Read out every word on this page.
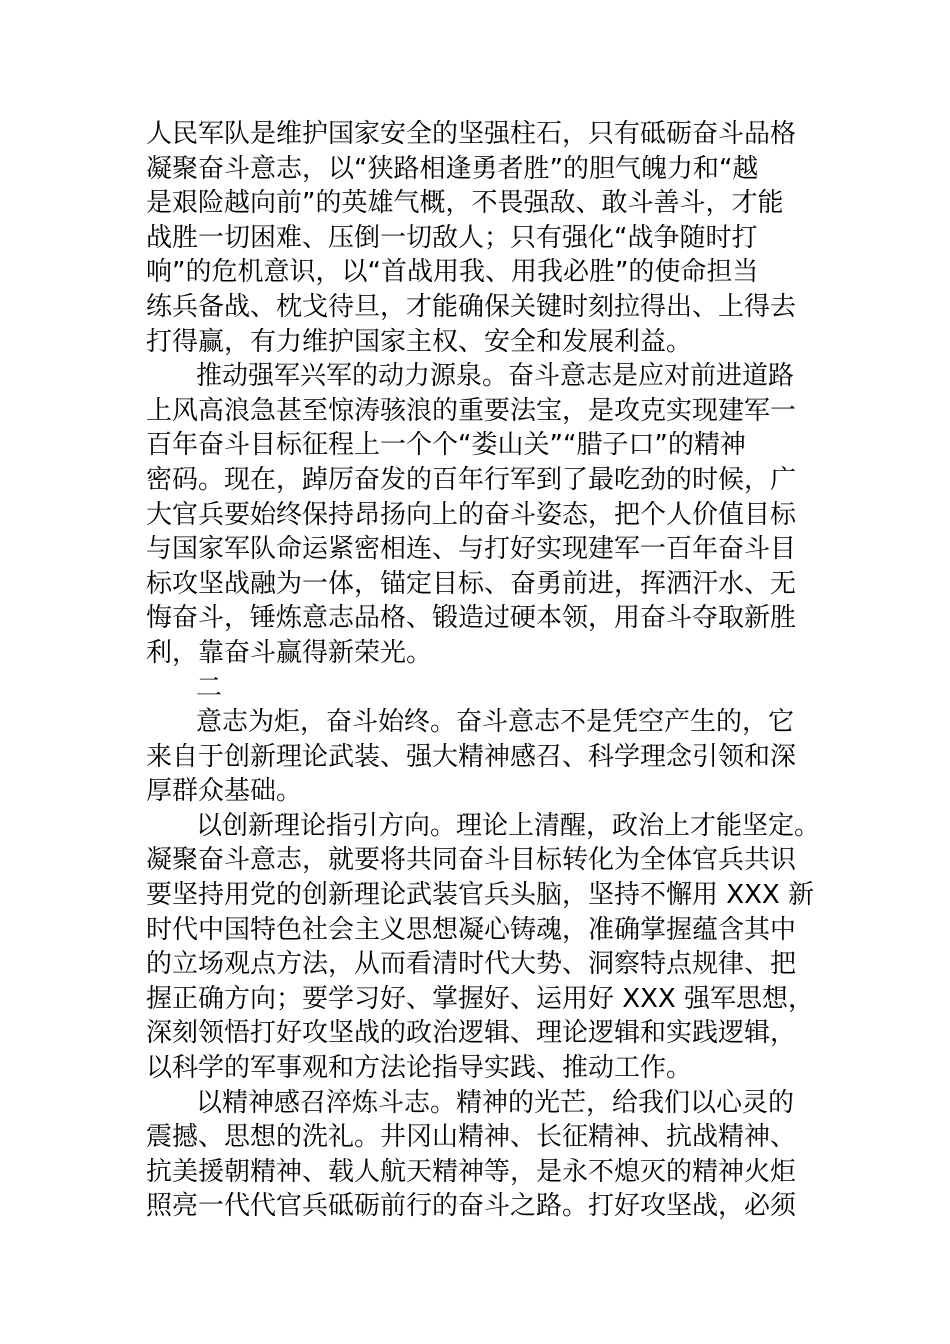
人民军队是维护国家安全的坚强柱石，只有砥砺奋斗品格
凝聚奋斗意志，以“狭路相逢勇者胜”的胆气魄力和“越
是艰险越向前”的英雄气概，不畏强敌、敢斗善斗，才能
战胜一切困难、压倒一切敌人；只有强化“战争随时打
响”的危机意识，以“首战用我、用我必胜”的使命担当
练兵备战、枕戈待旦，才能确保关键时刻拉得出、上得去
打得赢，有力维护国家主权、安全和发展利益。
推动强军兴军的动力源泉。奋斗意志是应对前进道路
上风高浪急甚至惊涛骇浪的重要法宝，是攻克实现建军一
百年奋斗目标征程上一个个“娄山关”“腊子口”的精神
密码。现在，踔厉奋发的百年行军到了最吃劲的时候，广
大官兵要始终保持昂扬向上的奋斗姿态，把个人价值目标
与国家军队命运紧密相连、与打好实现建军一百年奋斗目
标攻坚战融为一体，锚定目标、奋勇前进，挥洒汗水、无
悔奋斗，锤炼意志品格、锻造过硬本领，用奋斗夺取新胜
利，靠奋斗赢得新荣光。
二
意志为炬，奋斗始终。奋斗意志不是凭空产生的，它
来自于创新理论武装、强大精神感召、科学理念引领和深
厚群众基础。
以创新理论指引方向。理论上清醒，政治上才能坚定。
凝聚奋斗意志，就要将共同奋斗目标转化为全体官兵共识
要坚持用党的创新理论武装官兵头脑，坚持不懈用 XXX 新
时代中国特色社会主义思想凝心铸魂，准确掌握蕴含其中
的立场观点方法，从而看清时代大势、洞察特点规律、把
握正确方向；要学习好、掌握好、运用好 XXX 强军思想，
深刻领悟打好攻坚战的政治逻辑、理论逻辑和实践逻辑，
以科学的军事观和方法论指导实践、推动工作。
以精神感召淬炼斗志。精神的光芒，给我们以心灵的
震撼、思想的洗礼。井冈山精神、长征精神、抗战精神、
抗美援朝精神、载人航天精神等，是永不熄灭的精神火炬
照亮一代代官兵砥砺前行的奋斗之路。打好攻坚战，必须
